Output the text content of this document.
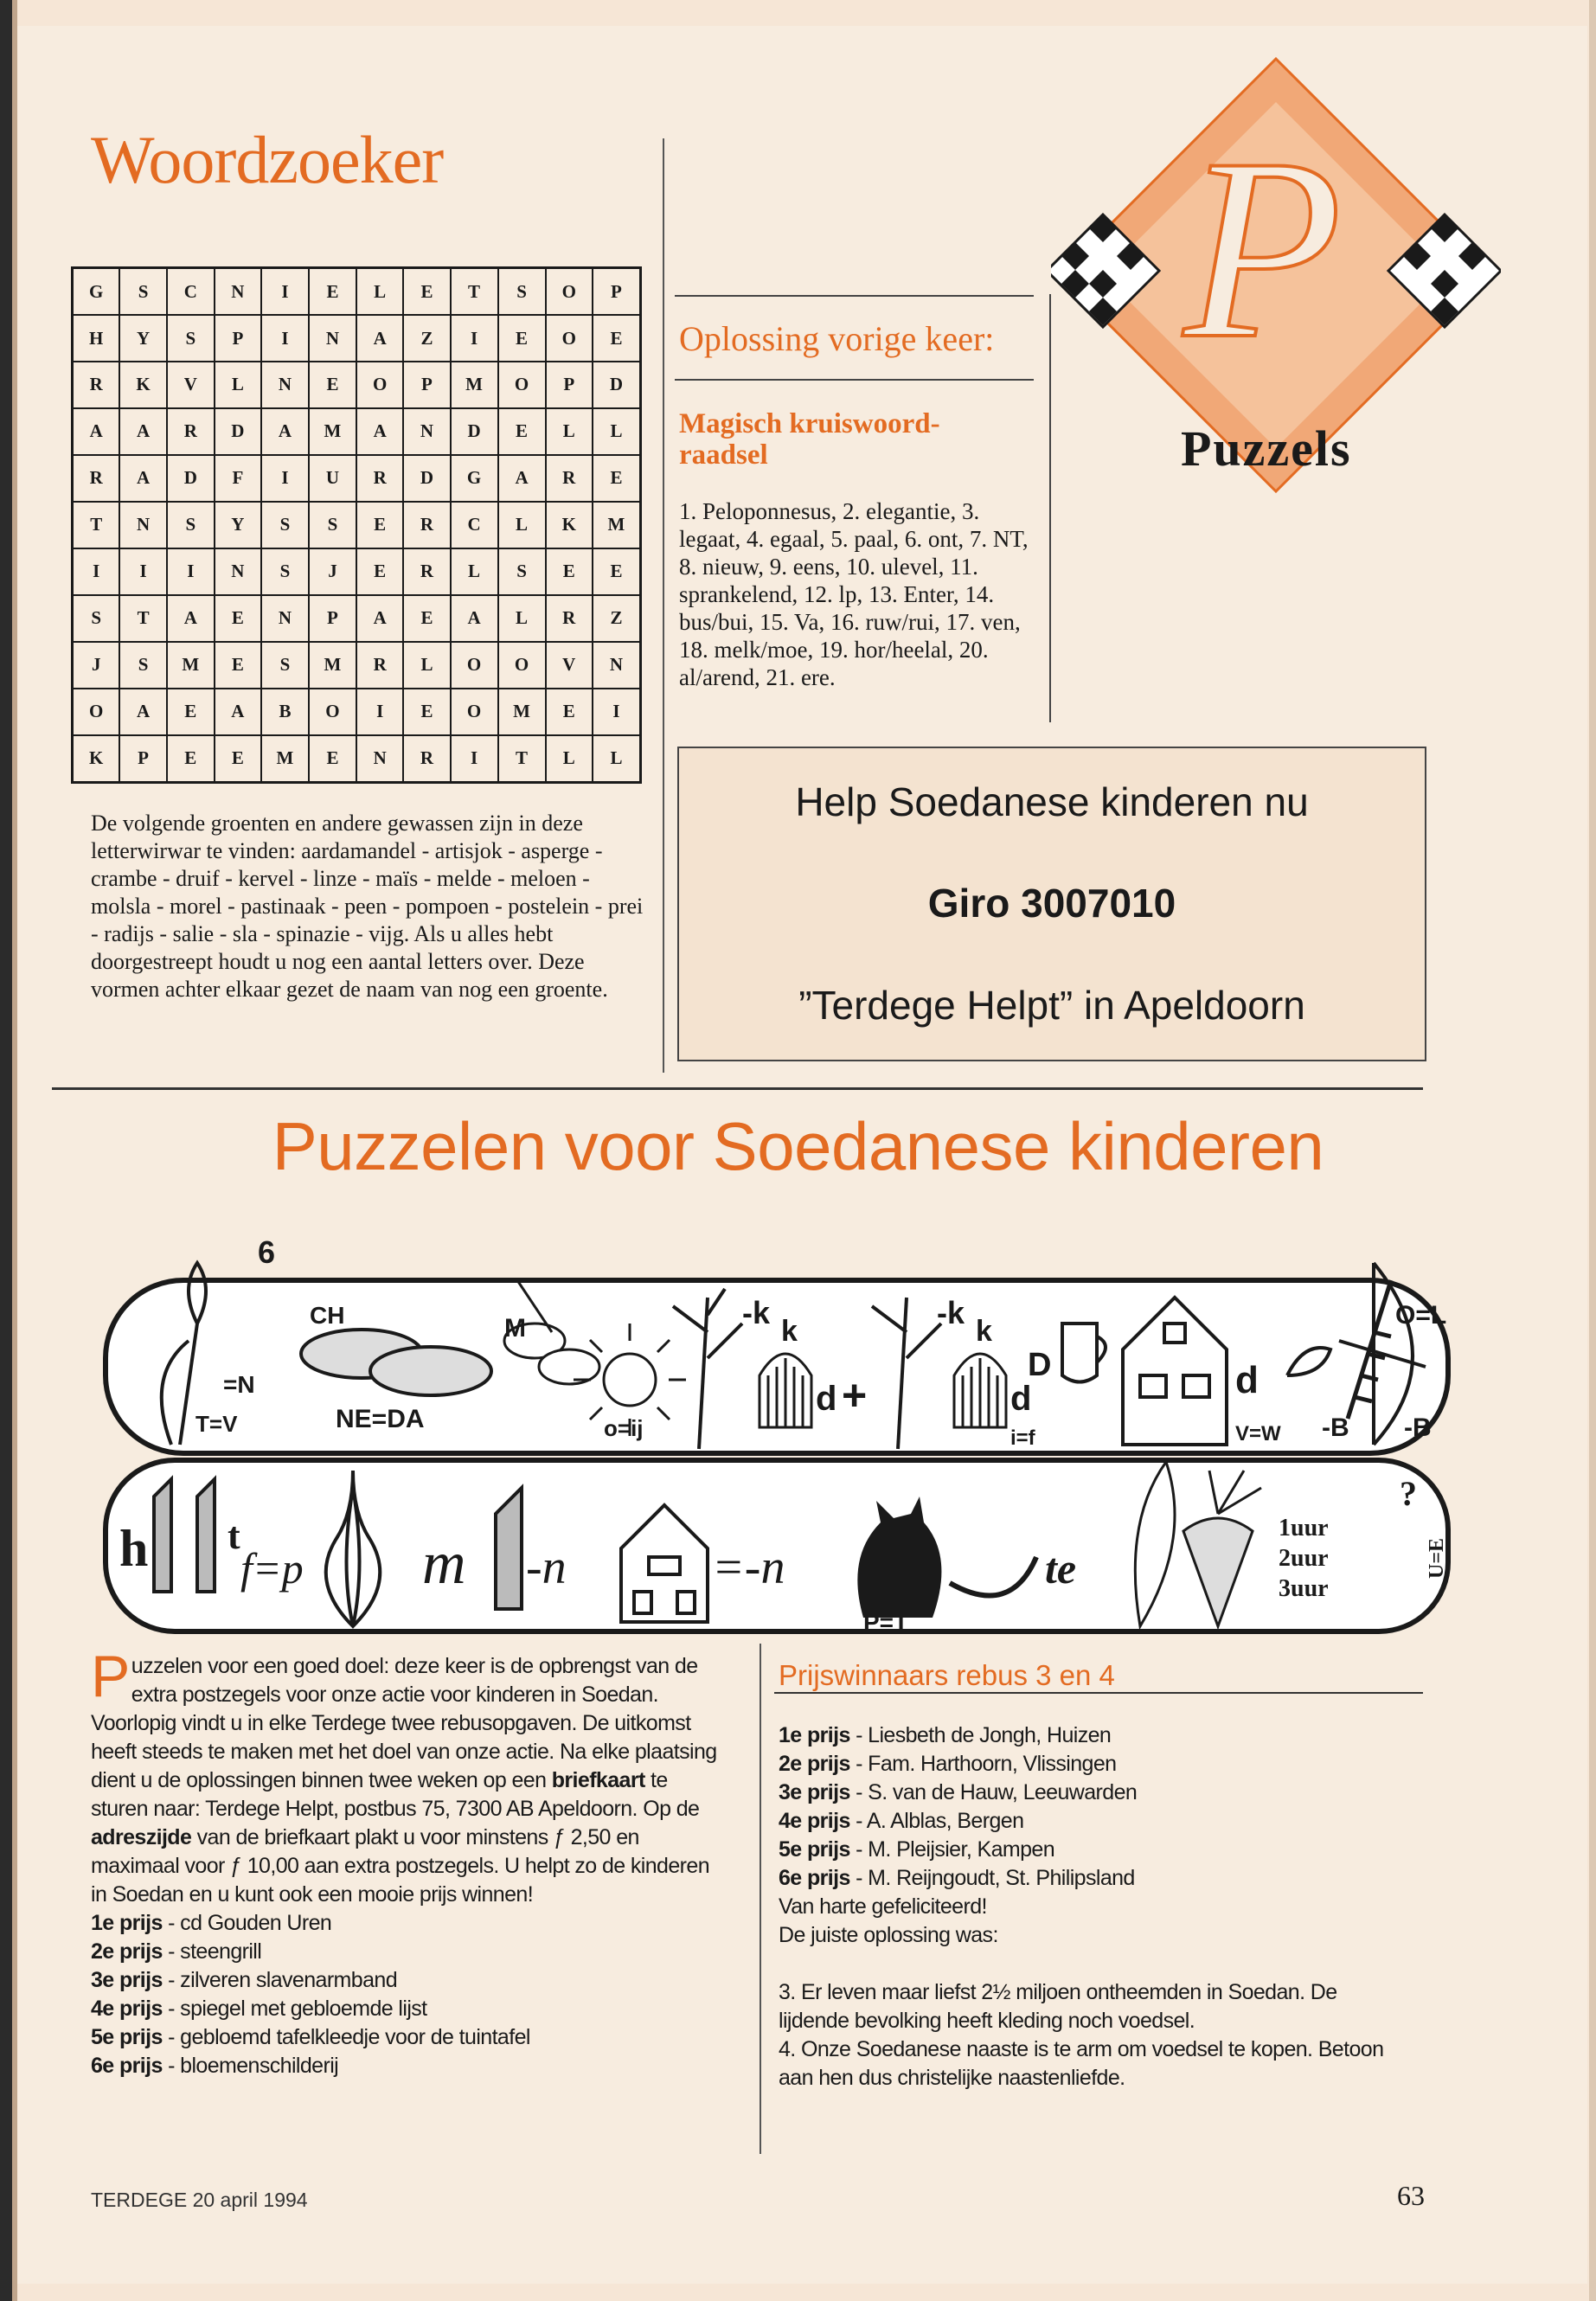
Woordzoeker
G	S	C	N	I	E	L	E	T	S	O	P
H	Y	S	P	I	N	A	Z	I	E	O	E
R	K	V	L	N	E	O	P	M	O	P	D
A	A	R	D	A	M	A	N	D	E	L	L
R	A	D	F	I	U	R	D	G	A	R	E
T	N	S	Y	S	S	E	R	C	L	K	M
I	I	I	N	S	J	E	R	L	S	E	E
S	T	A	E	N	P	A	E	A	L	R	Z
J	S	M	E	S	M	R	L	O	O	V	N
O	A	E	A	B	O	I	E	O	M	E	I
K	P	E	E	M	E	N	R	I	T	L	L
De volgende groenten en andere gewassen zijn in deze letterwirwar te vinden: aardamandel - artisjok - asperge - crambe - druif - kervel - linze - maïs - melde - meloen - molsla - morel - pastinaak - peen - pompoen - postelein - prei - radijs - salie - sla - spinazie - vijg. Als u alles hebt doorgestreept houdt u nog een aantal letters over. Deze vormen achter elkaar gezet de naam van nog een groente.
Oplossing vorige keer:
Magisch kruiswoord-raadsel
1. Peloponnesus, 2. elegantie, 3. legaat, 4. egaal, 5. paal, 6. ont, 7. NT, 8. nieuw, 9. eens, 10. ulevel, 11. sprankelend, 12. lp, 13. Enter, 14. bus/bui, 15. Va, 16. ruw/rui, 17. ven, 18. melk/moe, 19. hor/heelal, 20. al/arend, 21. ere.
P
Puzzels
Help Soedanese kinderen nu
Giro 3007010
”Terdege Helpt” in Apeldoorn
Puzzelen voor Soedanese kinderen
6
CH
=N
T=V	NE=DA
M
o=ij
-k
k
d +
-k
k
d
D
i=f
d
V=W -B
O=L
-B
h t
f=p m -n	=-n
P=T
te
1uur
2uur
3uur
U=E
?
Puzzelen voor een goed doel: deze keer is de opbrengst van de extra postzegels voor onze actie voor kinderen in Soedan.
Voorlopig vindt u in elke Terdege twee rebusopgaven. De uitkomst heeft steeds te maken met het doel van onze actie. Na elke plaatsing dient u de oplossingen binnen twee weken op een briefkaart te sturen naar: Terdege Helpt, postbus 75, 7300 AB Apeldoorn. Op de adreszijde van de briefkaart plakt u voor minstens ƒ 2,50 en maximaal voor ƒ 10,00 aan extra postzegels. U helpt zo de kinderen in Soedan en u kunt ook een mooie prijs winnen!
1e prijs - cd Gouden Uren
2e prijs - steengrill
3e prijs - zilveren slavenarmband
4e prijs - spiegel met gebloemde lijst
5e prijs - gebloemd tafelkleedje voor de tuintafel
6e prijs - bloemenschilderij
Prijswinnaars rebus 3 en 4
1e prijs - Liesbeth de Jongh, Huizen
2e prijs - Fam. Harthoorn, Vlissingen
3e prijs - S. van de Hauw, Leeuwarden
4e prijs - A. Alblas, Bergen
5e prijs - M. Pleijsier, Kampen
6e prijs - M. Reijngoudt, St. Philipsland
Van harte gefeliciteerd!
De juiste oplossing was:
3. Er leven maar liefst 2½ miljoen ontheemden in Soedan. De lijdende bevolking heeft kleding noch voedsel.
4. Onze Soedanese naaste is te arm om voedsel te kopen. Betoon aan hen dus christelijke naastenliefde.
TERDEGE 20 april 1994	63
